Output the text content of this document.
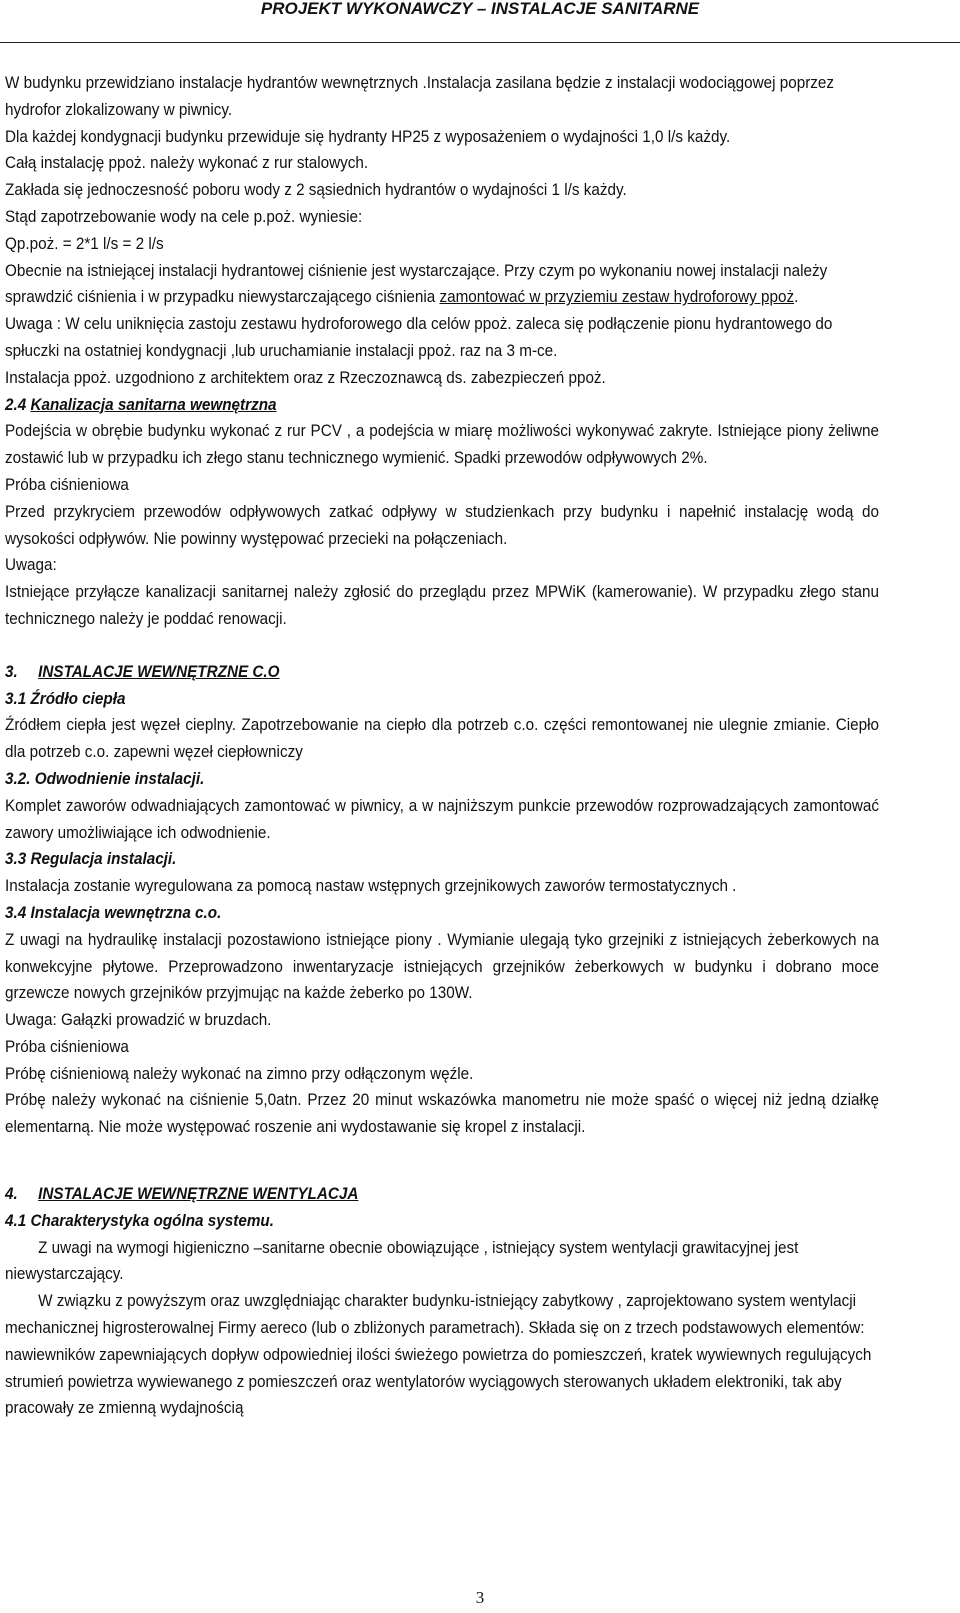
PROJEKT WYKONAWCZY – INSTALACJE SANITARNE

W budynku przewidziano instalacje hydrantów wewnętrznych .Instalacja zasilana będzie z instalacji wodociągowej poprzez hydrofor zlokalizowany w piwnicy.

Dla każdej kondygnacji budynku przewiduje się hydranty HP25 z wyposażeniem o wydajności 1,0 l/s każdy.

Całą instalację ppoż. należy wykonać z rur stalowych.

Zakłada się jednoczesność poboru wody z 2 sąsiednich hydrantów o wydajności 1 l/s każdy.

Stąd zapotrzebowanie wody na cele p.poż. wyniesie:

Qp.poż. = 2*1 l/s = 2 l/s

Obecnie na istniejącej instalacji hydrantowej ciśnienie jest wystarczające. Przy czym po wykonaniu nowej instalacji należy sprawdzić ciśnienia i w przypadku niewystarczającego ciśnienia zamontować w przyziemiu zestaw hydroforowy ppoż.

Uwaga : W celu uniknięcia zastoju zestawu hydroforowego dla celów ppoż. zaleca się podłączenie pionu hydrantowego do spłuczki na ostatniej kondygnacji ,lub uruchamianie instalacji ppoż. raz na 3 m-ce.

Instalacja ppoż. uzgodniono z architektem oraz z Rzeczoznawcą ds. zabezpieczeń ppoż.

2.4 Kanalizacja sanitarna wewnętrzna

Podejścia w obrębie budynku wykonać z rur PCV , a podejścia w miarę możliwości wykonywać zakryte. Istniejące piony żeliwne zostawić lub w przypadku ich złego stanu technicznego wymienić. Spadki przewodów odpływowych 2%.

Próba ciśnieniowa

Przed przykryciem przewodów odpływowych zatkać odpływy w studzienkach przy budynku i napełnić instalację wodą do wysokości odpływów. Nie powinny występować przecieki na połączeniach.

Uwaga:

Istniejące przyłącze kanalizacji sanitarnej należy zgłosić do przeglądu przez MPWiK (kamerowanie). W przypadku złego stanu technicznego należy je poddać renowacji.

3. INSTALACJE WEWNĘTRZNE C.O

3.1 Źródło ciepła

Źródłem ciepła jest węzeł cieplny. Zapotrzebowanie na ciepło dla potrzeb c.o. części remontowanej nie ulegnie zmianie. Ciepło dla potrzeb c.o. zapewni węzeł ciepłowniczy

3.2. Odwodnienie instalacji.

Komplet zaworów odwadniających zamontować w piwnicy, a w najniższym punkcie przewodów rozprowadzających zamontować zawory umożliwiające ich odwodnienie.

3.3 Regulacja instalacji.

Instalacja zostanie wyregulowana za pomocą nastaw wstępnych grzejnikowych zaworów termostatycznych .

3.4 Instalacja wewnętrzna c.o.

Z uwagi na hydraulikę instalacji pozostawiono istniejące piony . Wymianie ulegają tyko grzejniki z istniejących żeberkowych na konwekcyjne płytowe. Przeprowadzono inwentaryzacje istniejących grzejników żeberkowych w budynku i dobrano moce grzewcze nowych grzejników przyjmując na każde żeberko po 130W.

Uwaga: Gałązki prowadzić w bruzdach.

Próba ciśnieniowa

Próbę ciśnieniową należy wykonać na zimno przy odłączonym węźle.

Próbę należy wykonać na ciśnienie 5,0atn. Przez 20 minut wskazówka manometru nie może spaść o więcej niż jedną działkę elementarną. Nie może występować roszenie ani wydostawanie się kropel z instalacji.

4. INSTALACJE WEWNĘTRZNE WENTYLACJA

4.1 Charakterystyka ogólna systemu.

Z uwagi na wymogi higieniczno –sanitarne obecnie obowiązujące , istniejący system wentylacji grawitacyjnej jest niewystarczający.

W związku z powyższym oraz uwzględniając charakter budynku-istniejący zabytkowy , zaprojektowano system wentylacji mechanicznej higrosterowalnej Firmy aereco (lub o zbliżonych parametrach). Składa się on z trzech podstawowych elementów: nawiewników zapewniających dopływ odpowiedniej ilości świeżego powietrza do pomieszczeń, kratek wywiewnych regulujących strumień powietrza wywiewanego z pomieszczeń oraz wentylatorów wyciągowych sterowanych układem elektroniki, tak aby pracowały ze zmienną wydajnością

3
